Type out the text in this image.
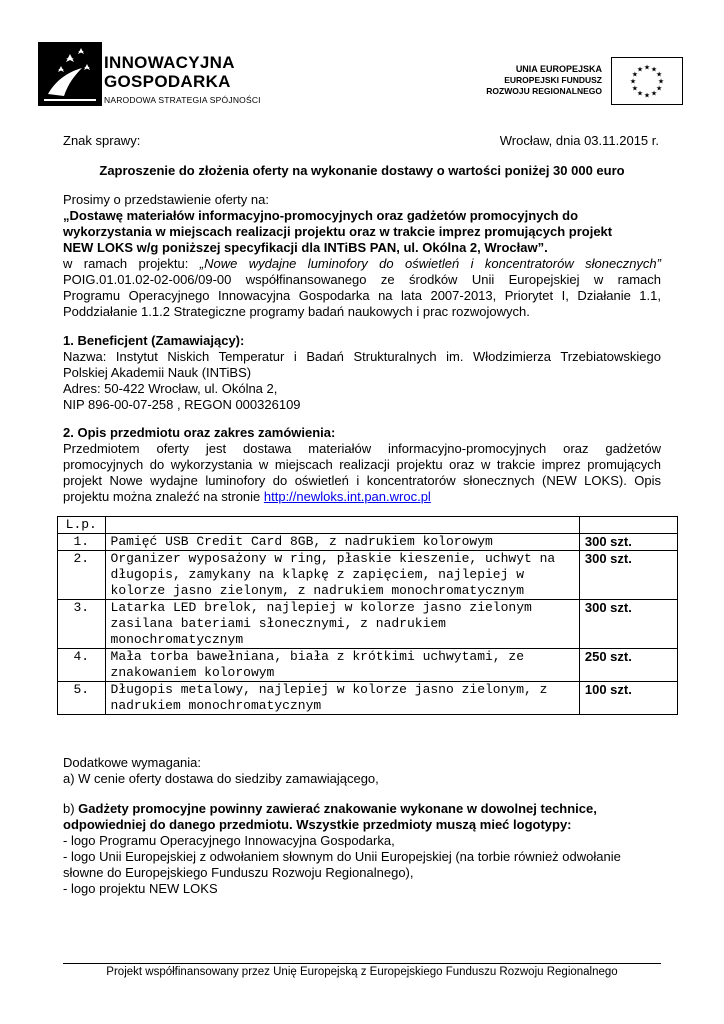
INNOWACYJNA
GOSPODARKA
NARODOWA STRATEGIA SPÓJNOŚCI
UNIA EUROPEJSKA
EUROPEJSKI FUNDUSZ
ROZWOJU REGIONALNEGO
★
★
★
★
★
★
★
★
★ ★ ★
★
Znak sprawy:	Wrocław, dnia 03.11.2015 r.
Zaproszenie do złożenia oferty na wykonanie dostawy o wartości poniżej 30 000 euro
Prosimy o przedstawienie oferty na:
„Dostawę materiałów informacyjno-promocyjnych oraz gadżetów promocyjnych do
wykorzystania w miejscach realizacji projektu oraz w trakcie imprez promujących projekt
NEW LOKS w/g poniższej specyfikacji dla INTiBS PAN, ul. Okólna 2, Wrocław”.
w ramach projektu: „Nowe wydajne luminofory do oświetleń i koncentratorów słonecznych”
POIG.01.01.02-02-006/09-00 współfinansowanego ze środków Unii Europejskiej w ramach
Programu Operacyjnego Innowacyjna Gospodarka na lata 2007-2013, Priorytet I, Działanie 1.1,
Poddziałanie 1.1.2 Strategiczne programy badań naukowych i prac rozwojowych.
1. Beneficjent (Zamawiający):
Nazwa: Instytut Niskich Temperatur i Badań Strukturalnych im. Włodzimierza Trzebiatowskiego
Polskiej Akademii Nauk (INTiBS)
Adres: 50-422 Wrocław, ul. Okólna 2,
NIP 896-00-07-258 , REGON 000326109
2. Opis przedmiotu oraz zakres zamówienia:
Przedmiotem oferty jest dostawa materiałów informacyjno-promocyjnych oraz gadżetów
promocyjnych do wykorzystania w miejscach realizacji projektu oraz w trakcie imprez promujących
projekt Nowe wydajne luminofory do oświetleń i koncentratorów słonecznych (NEW LOKS). Opis
projektu można znaleźć na stronie http://newloks.int.pan.wroc.pl
L.p.		
1.	Pamięć USB Credit Card 8GB, z nadrukiem kolorowym	300 szt.
2.	Organizer wyposażony w ring, płaskie kieszenie, uchwyt na długopis, zamykany na klapkę z zapięciem, najlepiej w kolorze jasno zielonym, z nadrukiem monochromatycznym	300 szt.
3.	Latarka LED brelok, najlepiej w kolorze jasno zielonym zasilana bateriami słonecznymi, z nadrukiem monochromatycznym	300 szt.
4.	Mała torba bawełniana, biała z krótkimi uchwytami, ze znakowaniem kolorowym	250 szt.
5.	Długopis metalowy, najlepiej w kolorze jasno zielonym, z nadrukiem monochromatycznym	100 szt.
Dodatkowe wymagania:
a) W cenie oferty dostawa do siedziby zamawiającego,
b) Gadżety promocyjne powinny zawierać znakowanie wykonane w dowolnej technice,
odpowiedniej do danego przedmiotu. Wszystkie przedmioty muszą mieć logotypy:
- logo Programu Operacyjnego Innowacyjna Gospodarka,
- logo Unii Europejskiej z odwołaniem słownym do Unii Europejskiej (na torbie również odwołanie
słowne do Europejskiego Funduszu Rozwoju Regionalnego),
- logo projektu NEW LOKS
Projekt współfinansowany przez Unię Europejską z Europejskiego Funduszu Rozwoju Regionalnego
